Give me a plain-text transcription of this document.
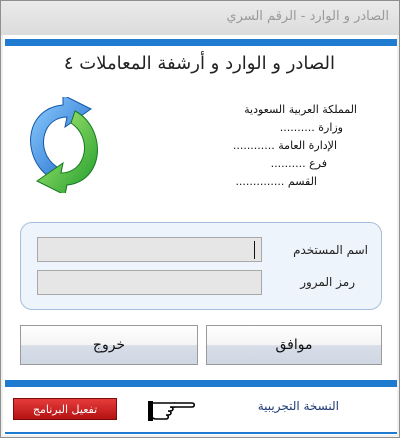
الصادر و الوارد - الرقم السري
الصادر و الوارد و أرشفة المعاملات ٤
المملكة العربية السعودية
وزارة ..........
الإدارة العامة ............
فرع ..........
القسم ..............
اسم المستخدم
رمز المرور
خروج	موافق
تفعيل البرنامج	النسخة التجريبية
